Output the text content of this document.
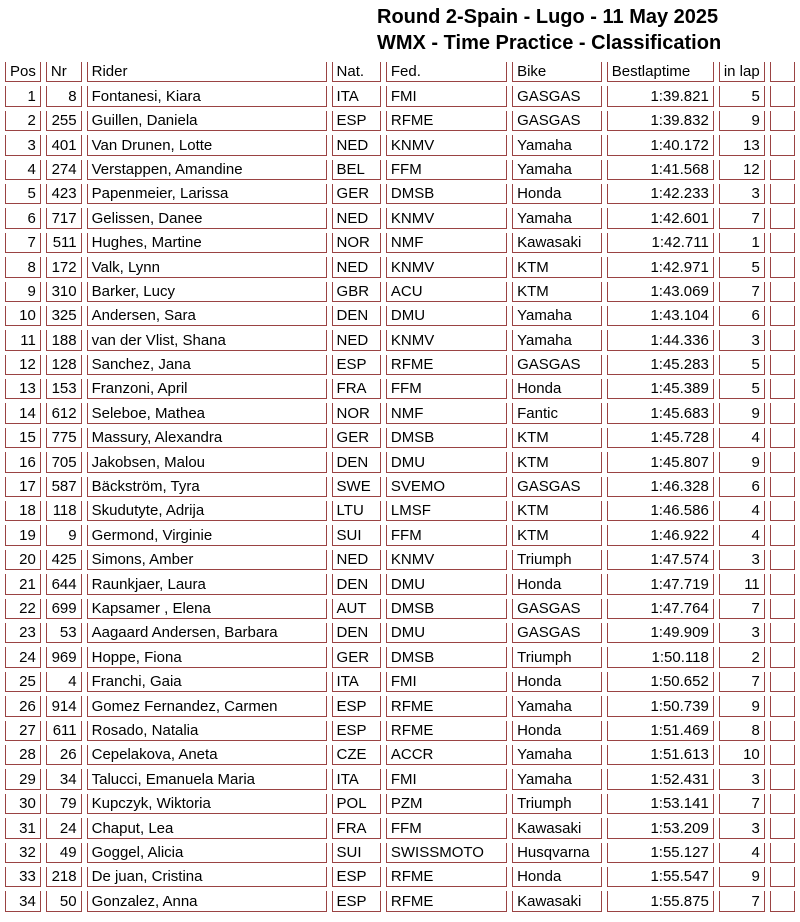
Round 2-Spain - Lugo - 11 May 2025
WMX - Time Practice - Classification
Pos	Nr	Rider	Nat.	Fed.	Bike	Bestlaptime	in lap	
1	8	Fontanesi, Kiara	ITA	FMI	GASGAS	1:39.821	5	
2	255	Guillen, Daniela	ESP	RFME	GASGAS	1:39.832	9	
3	401	Van Drunen, Lotte	NED	KNMV	Yamaha	1:40.172	13	
4	274	Verstappen, Amandine	BEL	FFM	Yamaha	1:41.568	12	
5	423	Papenmeier, Larissa	GER	DMSB	Honda	1:42.233	3	
6	717	Gelissen, Danee	NED	KNMV	Yamaha	1:42.601	7	
7	511	Hughes, Martine	NOR	NMF	Kawasaki	1:42.711	1	
8	172	Valk, Lynn	NED	KNMV	KTM	1:42.971	5	
9	310	Barker, Lucy	GBR	ACU	KTM	1:43.069	7	
10	325	Andersen, Sara	DEN	DMU	Yamaha	1:43.104	6	
11	188	van der Vlist, Shana	NED	KNMV	Yamaha	1:44.336	3	
12	128	Sanchez, Jana	ESP	RFME	GASGAS	1:45.283	5	
13	153	Franzoni, April	FRA	FFM	Honda	1:45.389	5	
14	612	Seleboe, Mathea	NOR	NMF	Fantic	1:45.683	9	
15	775	Massury, Alexandra	GER	DMSB	KTM	1:45.728	4	
16	705	Jakobsen, Malou	DEN	DMU	KTM	1:45.807	9	
17	587	Bäckström, Tyra	SWE	SVEMO	GASGAS	1:46.328	6	
18	118	Skudutyte, Adrija	LTU	LMSF	KTM	1:46.586	4	
19	9	Germond, Virginie	SUI	FFM	KTM	1:46.922	4	
20	425	Simons, Amber	NED	KNMV	Triumph	1:47.574	3	
21	644	Raunkjaer, Laura	DEN	DMU	Honda	1:47.719	11	
22	699	Kapsamer , Elena	AUT	DMSB	GASGAS	1:47.764	7	
23	53	Aagaard Andersen, Barbara	DEN	DMU	GASGAS	1:49.909	3	
24	969	Hoppe, Fiona	GER	DMSB	Triumph	1:50.118	2	
25	4	Franchi, Gaia	ITA	FMI	Honda	1:50.652	7	
26	914	Gomez Fernandez, Carmen	ESP	RFME	Yamaha	1:50.739	9	
27	611	Rosado, Natalia	ESP	RFME	Honda	1:51.469	8	
28	26	Cepelakova, Aneta	CZE	ACCR	Yamaha	1:51.613	10	
29	34	Talucci, Emanuela Maria	ITA	FMI	Yamaha	1:52.431	3	
30	79	Kupczyk, Wiktoria	POL	PZM	Triumph	1:53.141	7	
31	24	Chaput, Lea	FRA	FFM	Kawasaki	1:53.209	3	
32	49	Goggel, Alicia	SUI	SWISSMOTO	Husqvarna	1:55.127	4	
33	218	De juan, Cristina	ESP	RFME	Honda	1:55.547	9	
34	50	Gonzalez, Anna	ESP	RFME	Kawasaki	1:55.875	7	
